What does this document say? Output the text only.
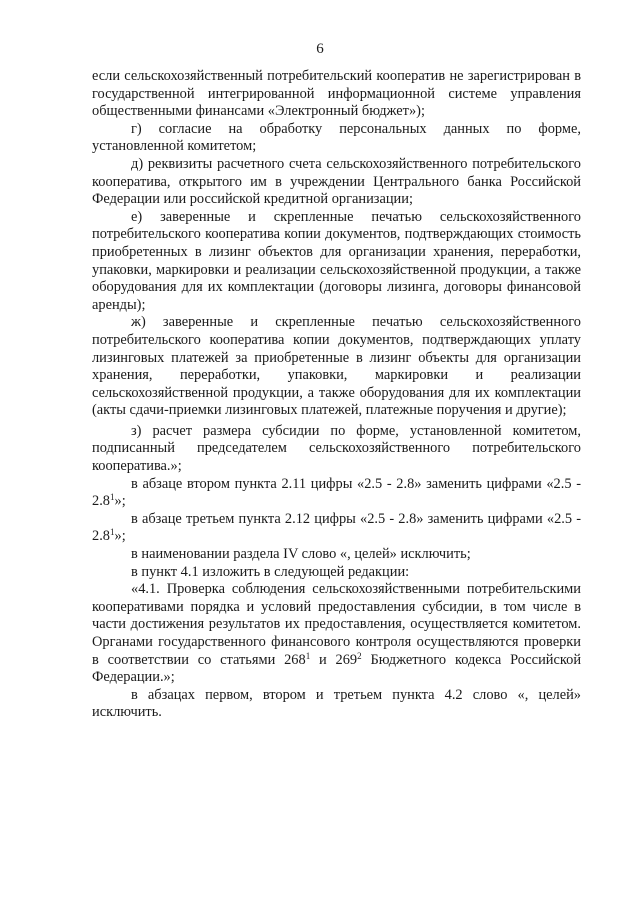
6

если сельскохозяйственный потребительский кооператив не зарегистрирован в государственной интегрированной информационной системе управления общественными финансами «Электронный бюджет»);

г) согласие на обработку персональных данных по форме, установленной комитетом;

д) реквизиты расчетного счета сельскохозяйственного потребительского кооператива, открытого им в учреждении Центрального банка Российской Федерации или российской кредитной организации;

е) заверенные и скрепленные печатью сельскохозяйственного потребительского кооператива копии документов, подтверждающих стоимость приобретенных в лизинг объектов для организации хранения, переработки, упаковки, маркировки и реализации сельскохозяйственной продукции, а также оборудования для их комплектации (договоры лизинга, договоры финансовой аренды);

ж) заверенные и скрепленные печатью сельскохозяйственного потребительского кооператива копии документов, подтверждающих уплату лизинговых платежей за приобретенные в лизинг объекты для организации хранения, переработки, упаковки, маркировки и реализации сельскохозяйственной продукции, а также оборудования для их комплектации (акты сдачи-приемки лизинговых платежей, платежные поручения и другие);

з) расчет размера субсидии по форме, установленной комитетом, подписанный председателем сельскохозяйственного потребительского кооператива.»;

в абзаце втором пункта 2.11 цифры «2.5 - 2.8» заменить цифрами «$2.5 - 2.8^1$»;

в абзаце третьем пункта 2.12 цифры «2.5 - 2.8» заменить цифрами «$2.5 - 2.8^1$»;

в наименовании раздела IV слово «, целей» исключить;

в пункт 4.1 изложить в следующей редакции:

«4.1. Проверка соблюдения сельскохозяйственными потребительскими кооперативами порядка и условий предоставления субсидии, в том числе в части достижения результатов их предоставления, осуществляется комитетом. Органами государственного финансового контроля осуществляются проверки в соответствии со статьями $268^1$ и $269^2$ Бюджетного кодекса Российской Федерации.»;

в абзацах первом, втором и третьем пункта 4.2 слово «, целей» исключить.
